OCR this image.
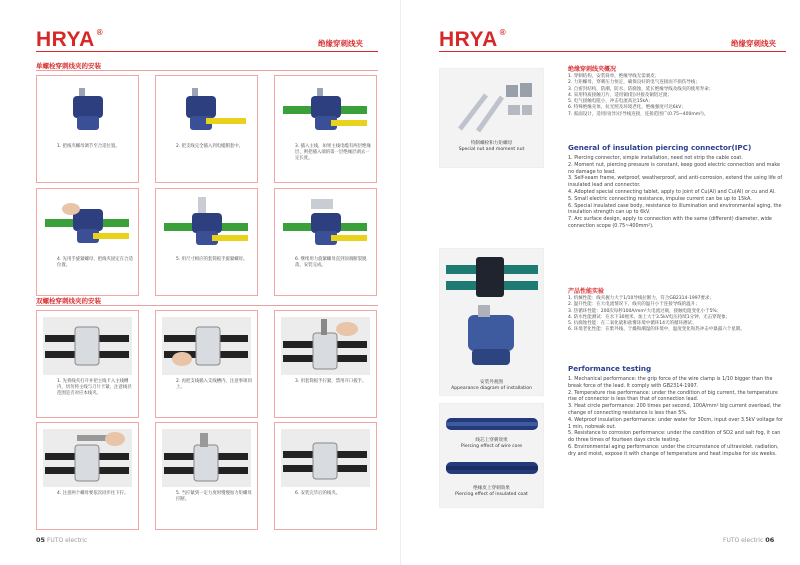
HRYA ®
绝缘穿刺线夹
单螺栓穿刺线夹的安装
1. 把线夹螺母调节至合适位置。	2. 把支线完全插入到电缆帽套中。	3. 插入主线，如果主线电缆有两层绝缘层，则把插入端的第一层绝缘层剥去一定长度。
4. 先用手旋紧螺母，把线夹固定在合适位置。
5. 用尺寸相应的套筒扳手旋紧螺母。	6. 继续用力旋紧螺母直到顶端断裂脱落，安装完成。
双螺栓穿刺线夹的安装
1. 先将线夹打开并把主线卡入主线槽内，切勿将主线与刀片卡紧，注意线径范围是否对应本线夹。
2. 再把支线插入支线槽内，注意事项同上。
3. 用套筒扳手拧紧，禁用开口扳手。
4. 注意两个螺母要依次同步往下拧。	5. 当拧紧到一定力度时慢慢加力矩螺母拧断。
6. 安装完毕后的线夹。
05 FUTO electric
HRYA ®
绝缘穿刺线夹
特制螺栓和力矩螺母
Special nut and moment nut
安装外观图
Appearance diagram of installation
线芯上穿刺效果
Piercing effect of wire core
绝缘皮上穿刺效果
Piercing effect of insulated coat
绝缘穿刺线夹概况
1. 穿刺结构，安装简单，绝缘导线无需剥皮；
2. 力矩螺母，穿刺压力恒定，确保良好的电气连接而不损伤导线；
3. 自密封结构，防潮、防水、防腐蚀，延长绝缘导线及线夹的使用寿命；
4. 采用特质接触刀片，适用铜(铝)对接及铜铝过渡；
5. 电气接触电阻小，冲击电流高达15kA；
6. 特殊绝缘壳体，抗光照及环境老化，绝缘强度可达6kV；
7. 弧面设计，适用同(异)径导线连接，连接范围广(0.75~400mm²)。
General of insulation piercing connector(IPC)
1. Piercing connector, simple installation, need not strip the cable coat.
2. Moment nut, piercing pressure is constant, keep good electric connection and make no damage to lead.
3. Self-seam frame, wetproof, weatherproof, and anti-corrosion, extend the using life of insulated lead and connector.
4. Adopted special connecting tablet, apply to joint of Cu(Al) and Cu(Al) or cu and Al.
5. Small electric connecting resistance, impulse current can be up to 15kA.
6. Special insulated case body, resistance to illumination and environmental aging, the insulation strength can up to 6kV.
7. Arc surface design, apply to connection with the same (different) diameter, wide connection scope (0.75~400mm²).
产品性能实验
1. 机械性能：线夹握力大于1/10导线拉断力，符合GB2314-1997要求；
2. 温升性能：在大电流情况下，线夹的温升小于连接导线的温升；
3. 热循环性能：200次每秒100A/mm²大电流过载，接触电阻变化小于5%；
4. 防水性能测试：在水下30厘米，加上大于3.5kV电压持续1分钟，无击穿现象；
5. 抗腐蚀性能：在二氧化硫和盐雾环境中循环14天的循环测试；
6. 环境老化性能：在紫外线、于燥和潮湿的环境中，温度变化和热冲击中暴露六个星期。
Performance testing
1. Mechanical performance: the grip force of the wire clamp is 1/10 bigger than the break force of the lead. It comply with GB2314-1997.
2. Temperature rise performance: under the condition of big current, the temperature rise of connector is less than that of connection lead.
3. Heat circle performance: 200 times per second, 100A/mm² big current overload, the change of connecting resistance is less than 5%.
4. Wetproof insulation performance: under water for 30cm, input over 3.5kV voltage for 1 min, nobreak out.
5. Resistance to corrosion performance: under the condition of SO2 and salt fog, it can do three times of fourteen days circle testing.
6. Environmental aging performance: under the circumstance of ultraviolet. radiation, dry and moist, expose it with change of temperature and heat impulse for six weeks.
FUTO electric 06
